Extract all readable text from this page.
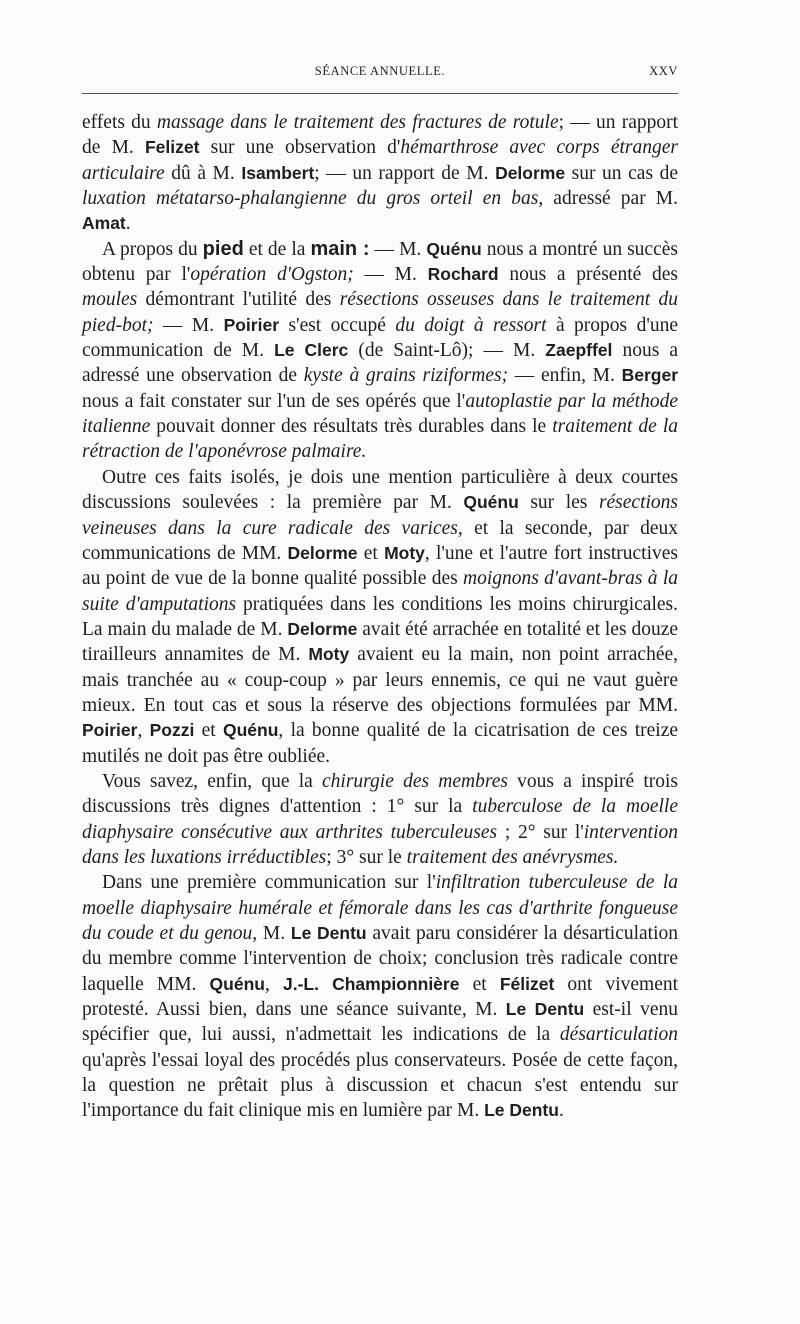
SÉANCE ANNUELLE.	XXV

effets du massage dans le traitement des fractures de rotule; — un rapport de M. Felizet sur une observation d'hémarthrose avec corps étranger articulaire dû à M. Isambert; — un rapport de M. Delorme sur un cas de luxation métatarso-phalangienne du gros orteil en bas, adressé par M. Amat.

A propos du pied et de la main : — M. Quénu nous a montré un succès obtenu par l'opération d'Ogston; — M. Rochard nous a présenté des moules démontrant l'utilité des résections osseuses dans le traitement du pied-bot; — M. Poirier s'est occupé du doigt à ressort à propos d'une communication de M. Le Clerc (de Saint-Lô); — M. Zaepffel nous a adressé une observation de kyste à grains riziformes; — enfin, M. Berger nous a fait constater sur l'un de ses opérés que l'autoplastie par la méthode italienne pouvait donner des résultats très durables dans le traitement de la rétraction de l'aponévrose palmaire.

Outre ces faits isolés, je dois une mention particulière à deux courtes discussions soulevées : la première par M. Quénu sur les résections veineuses dans la cure radicale des varices, et la seconde, par deux communications de MM. Delorme et Moty, l'une et l'autre fort instructives au point de vue de la bonne qualité possible des moignons d'avant-bras à la suite d'amputations pratiquées dans les conditions les moins chirurgicales. La main du malade de M. Delorme avait été arrachée en totalité et les douze tirailleurs annamites de M. Moty avaient eu la main, non point arrachée, mais tranchée au « coup-coup » par leurs ennemis, ce qui ne vaut guère mieux. En tout cas et sous la réserve des objections formulées par MM. Poirier, Pozzi et Quénu, la bonne qualité de la cicatrisation de ces treize mutilés ne doit pas être oubliée.

Vous savez, enfin, que la chirurgie des membres vous a inspiré trois discussions très dignes d'attention : 1° sur la tuberculose de la moelle diaphysaire consécutive aux arthrites tuberculeuses ; 2° sur l'intervention dans les luxations irréductibles; 3° sur le traitement des anévrysmes.

Dans une première communication sur l'infiltration tuberculeuse de la moelle diaphysaire humérale et fémorale dans les cas d'arthrite fongueuse du coude et du genou, M. Le Dentu avait paru considérer la désarticulation du membre comme l'intervention de choix; conclusion très radicale contre laquelle MM. Quénu, J.-L. Championnière et Félizet ont vivement protesté. Aussi bien, dans une séance suivante, M. Le Dentu est-il venu spécifier que, lui aussi, n'admettait les indications de la désarticulation qu'après l'essai loyal des procédés plus conservateurs. Posée de cette façon, la question ne prêtait plus à discussion et chacun s'est entendu sur l'importance du fait clinique mis en lumière par M. Le Dentu.
